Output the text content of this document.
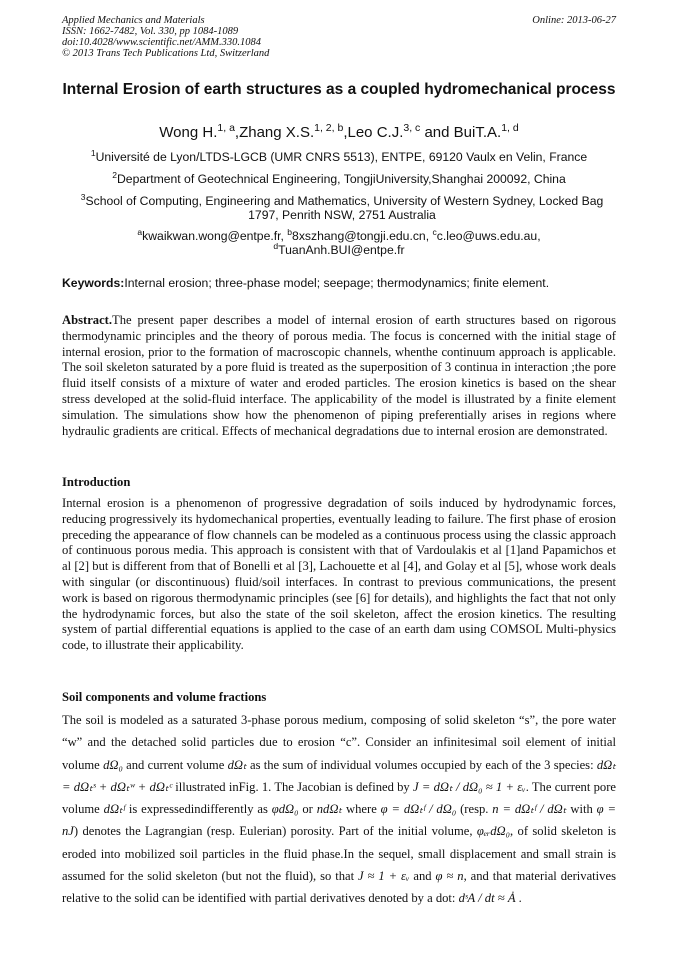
Applied Mechanics and Materials
ISSN: 1662-7482, Vol. 330, pp 1084-1089
doi:10.4028/www.scientific.net/AMM.330.1084
© 2013 Trans Tech Publications Ltd, Switzerland
Online: 2013-06-27
Internal Erosion of earth structures as a coupled hydromechanical process
Wong H.$^{1, a}$,Zhang X.S.$^{1, 2, b}$,Leo C.J.$^{3, c}$ and BuiT.A.$^{1, d}$
$^1$Université de Lyon/LTDS-LGCB (UMR CNRS 5513), ENTPE, 69120 Vaulx en Velin, France
$^2$Department of Geotechnical Engineering, TongjiUniversity,Shanghai 200092, China
$^3$School of Computing, Engineering and Mathematics, University of Western Sydney, Locked Bag 1797, Penrith NSW, 2751 Australia
$^a$kwaikwan.wong@entpe.fr, $^b$8xszhang@tongji.edu.cn, $^c$c.leo@uws.edu.au,
$^d$TuanAnh.BUI@entpe.fr
Keywords:Internal erosion; three-phase model; seepage; thermodynamics; finite element.
Abstract.The present paper describes a model of internal erosion of earth structures based on rigorous thermodynamic principles and the theory of porous media. The focus is concerned with the initial stage of internal erosion, prior to the formation of macroscopic channels, whenthe continuum approach is applicable. The soil skeleton saturated by a pore fluid is treated as the superposition of 3 continua in interaction ;the pore fluid itself consists of a mixture of water and eroded particles. The erosion kinetics is based on the shear stress developed at the solid-fluid interface. The applicability of the model is illustrated by a finite element simulation. The simulations show how the phenomenon of piping preferentially arises in regions where hydraulic gradients are critical. Effects of mechanical degradations due to internal erosion are demonstrated.
Introduction
Internal erosion is a phenomenon of progressive degradation of soils induced by hydrodynamic forces, reducing progressively its hydomechanical properties, eventually leading to failure. The first phase of erosion preceding the appearance of flow channels can be modeled as a continuous process using the classic approach of continuous porous media. This approach is consistent with that of Vardoulakis et al [1]and Papamichos et al [2] but is different from that of Bonelli et al [3], Lachouette et al [4], and Golay et al [5], whose work deals with singular (or discontinuous) fluid/soil interfaces. In contrast to previous communications, the present work is based on rigorous thermodynamic principles (see [6] for details), and highlights the fact that not only the hydrodynamic forces, but also the state of the soil skeleton, affect the erosion kinetics. The resulting system of partial differential equations is applied to the case of an earth dam using COMSOL Multi-physics code, to illustrate their applicability.
Soil components and volume fractions
The soil is modeled as a saturated 3-phase porous medium, composing of solid skeleton “s”, the pore water “w” and the detached solid particles due to erosion “c”. Consider an infinitesimal soil element of initial volume dΩ₀ and current volume dΩₜ as the sum of individual volumes occupied by each of the 3 species: dΩₜ = dΩₜˢ + dΩₜʷ + dΩₜᶜ illustrated inFig. 1. The Jacobian is defined by J = dΩₜ / dΩ₀ ≈ 1 + εᵥ. The current pore volume dΩₜᶠ is expressedindifferently as φdΩ₀ or ndΩₜ where φ = dΩₜᶠ / dΩ₀ (resp. n = dΩₜᶠ / dΩₜ with φ = nJ) denotes the Lagrangian (resp. Eulerian) porosity. Part of the initial volume, φₑᵣdΩ₀, of solid skeleton is eroded into mobilized soil particles in the fluid phase.In the sequel, small displacement and small strain is assumed for the solid skeleton (but not the fluid), so that J ≈ 1 + εᵥ and φ ≈ n, and that material derivatives relative to the solid can be identified with partial derivatives denoted by a dot: dˢA / dt ≈ Ȧ .
